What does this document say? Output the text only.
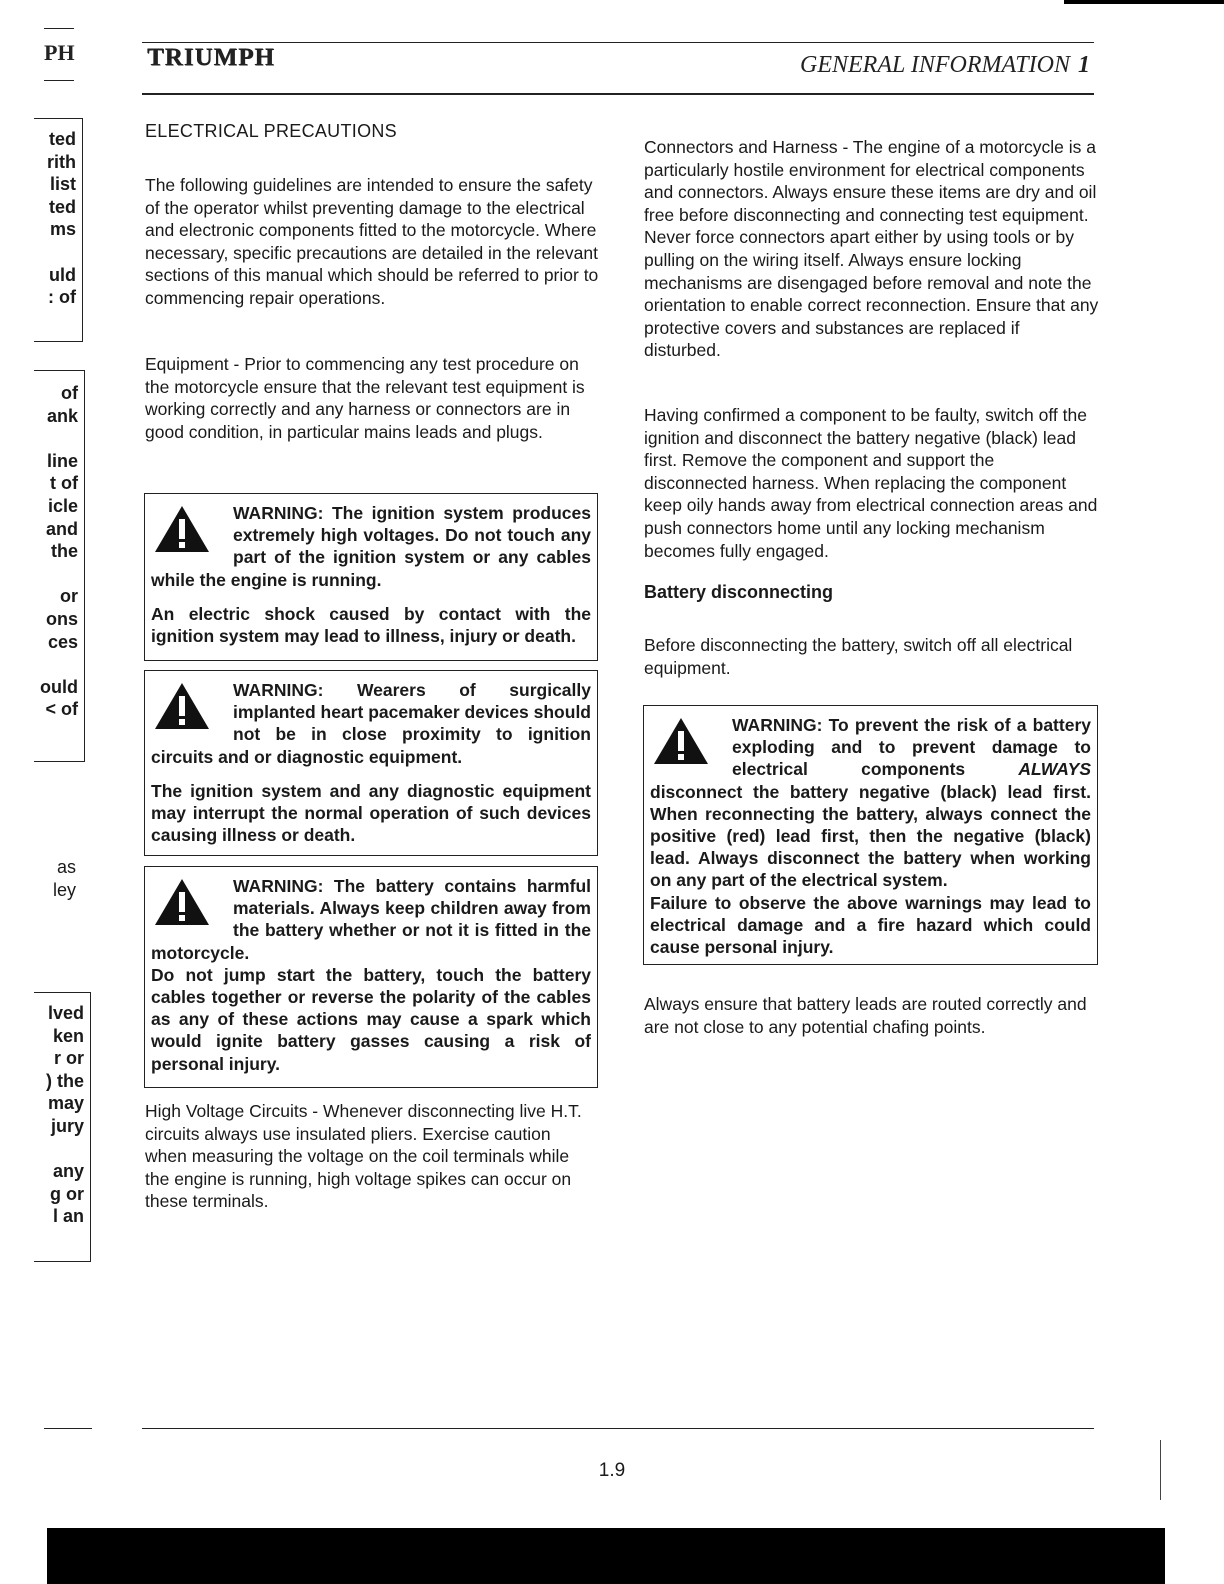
PH	TRIUMPH	GENERAL INFORMATION 1
ted
rith
list
ted
ms

uld
: of
of
ank

line
t of
icle
and
the

or
ons
ces

ould
< of
as
ley
lved
ken
r or
) the
may
jury

any
g or
l an
ELECTRICAL PRECAUTIONS

The following guidelines are intended to ensure the safety of the operator whilst preventing damage to the electrical and electronic components fitted to the motorcycle. Where necessary, specific precautions are detailed in the relevant sections of this manual which should be referred to prior to commencing repair operations.

Equipment - Prior to commencing any test procedure on the motorcycle ensure that the relevant test equipment is working correctly and any harness or connectors are in good condition, in particular mains leads and plugs.

WARNING: The ignition system produces extremely high voltages. Do not touch any part of the ignition system or any cables while the engine is running.

An electric shock caused by contact with the ignition system may lead to illness, injury or death.

WARNING: Wearers of surgically implanted heart pacemaker devices should not be in close proximity to ignition circuits and or diagnostic equipment.

The ignition system and any diagnostic equipment may interrupt the normal operation of such devices causing illness or death.

WARNING: The battery contains harmful materials. Always keep children away from the battery whether or not it is fitted in the motorcycle.

Do not jump start the battery, touch the battery cables together or reverse the polarity of the cables as any of these actions may cause a spark which would ignite battery gasses causing a risk of personal injury.

High Voltage Circuits - Whenever disconnecting live H.T. circuits always use insulated pliers. Exercise caution when measuring the voltage on the coil terminals while the engine is running, high voltage spikes can occur on these terminals.

Connectors and Harness - The engine of a motorcycle is a particularly hostile environment for electrical components and connectors. Always ensure these items are dry and oil free before disconnecting and connecting test equipment. Never force connectors apart either by using tools or by pulling on the wiring itself. Always ensure locking mechanisms are disengaged before removal and note the orientation to enable correct reconnection. Ensure that any protective covers and substances are replaced if disturbed.

Having confirmed a component to be faulty, switch off the ignition and disconnect the battery negative (black) lead first. Remove the component and support the disconnected harness. When replacing the component keep oily hands away from electrical connection areas and push connectors home until any locking mechanism becomes fully engaged.

Battery disconnecting

Before disconnecting the battery, switch off all electrical equipment.

WARNING: To prevent the risk of a battery exploding and to prevent damage to electrical components ALWAYS disconnect the battery negative (black) lead first. When reconnecting the battery, always connect the positive (red) lead first, then the negative (black) lead. Always disconnect the battery when working on any part of the electrical system.

Failure to observe the above warnings may lead to electrical damage and a fire hazard which could cause personal injury.

Always ensure that battery leads are routed correctly and are not close to any potential chafing points.

1.9
